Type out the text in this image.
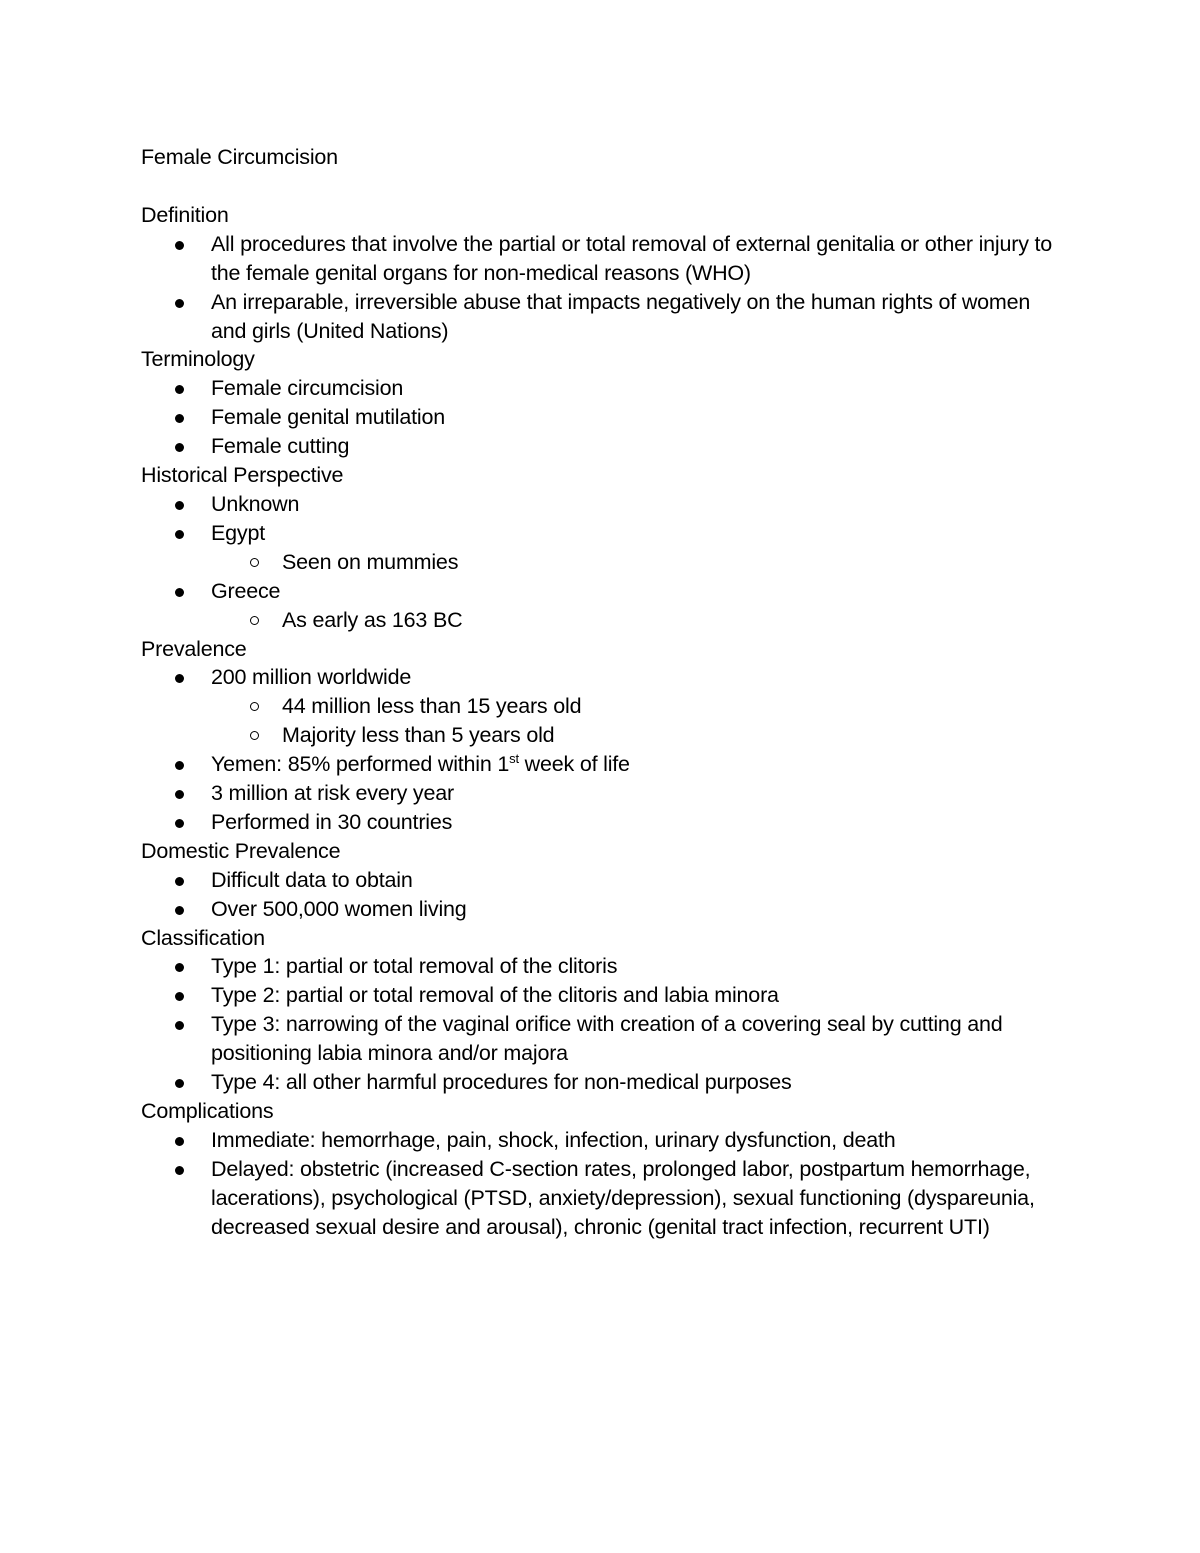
Female Circumcision

Definition

All procedures that involve the partial or total removal of external genitalia or other injury to the female genital organs for non-medical reasons (WHO)
An irreparable, irreversible abuse that impacts negatively on the human rights of women and girls (United Nations)

Terminology

Female circumcision
Female genital mutilation
Female cutting

Historical Perspective

Unknown
Egypt
Seen on mummies
Greece
As early as 163 BC

Prevalence

200 million worldwide
44 million less than 15 years old
Majority less than 5 years old
Yemen: 85% performed within 1st week of life
3 million at risk every year
Performed in 30 countries

Domestic Prevalence

Difficult data to obtain
Over 500,000 women living

Classification

Type 1: partial or total removal of the clitoris
Type 2: partial or total removal of the clitoris and labia minora
Type 3: narrowing of the vaginal orifice with creation of a covering seal by cutting and positioning labia minora and/or majora
Type 4: all other harmful procedures for non-medical purposes

Complications

Immediate: hemorrhage, pain, shock, infection, urinary dysfunction, death
Delayed: obstetric (increased C-section rates, prolonged labor, postpartum hemorrhage, lacerations), psychological (PTSD, anxiety/depression), sexual functioning (dyspareunia, decreased sexual desire and arousal), chronic (genital tract infection, recurrent UTI)
